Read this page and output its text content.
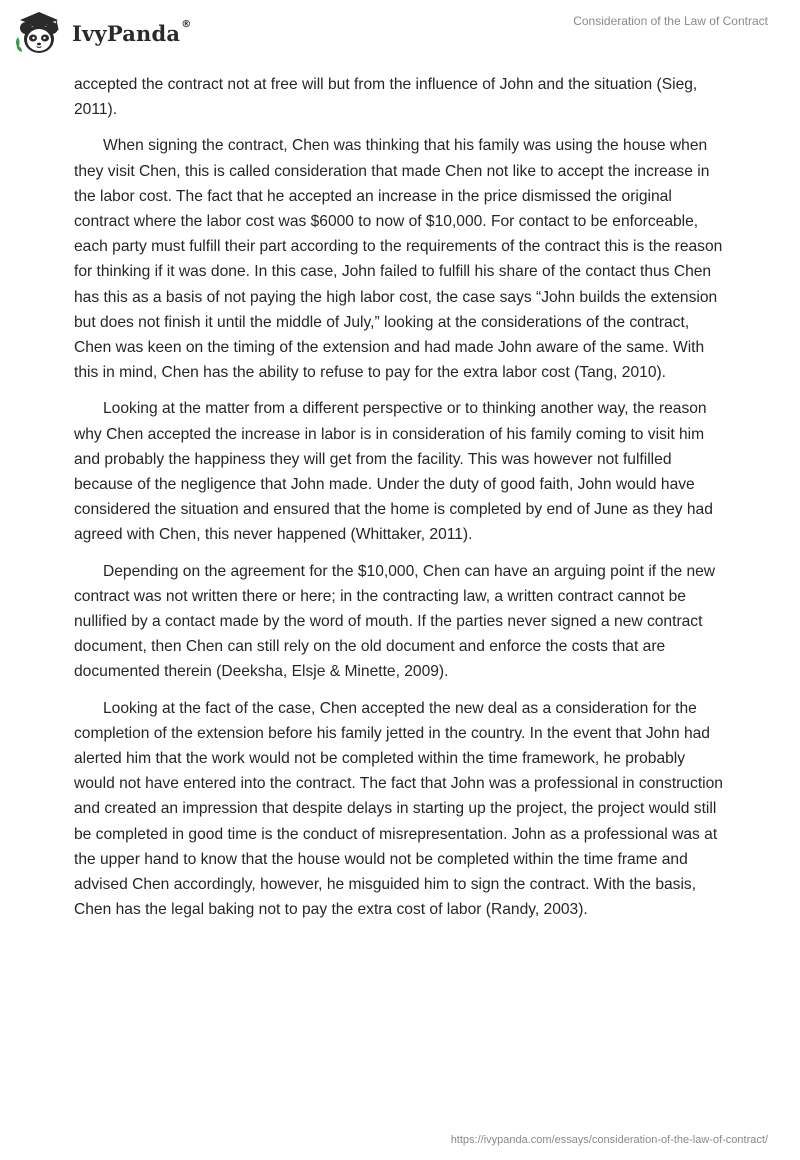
IvyPanda®	Consideration of the Law of Contract

accepted the contract not at free will but from the influence of John and the situation (Sieg, 2011).

When signing the contract, Chen was thinking that his family was using the house when they visit Chen, this is called consideration that made Chen not like to accept the increase in the labor cost. The fact that he accepted an increase in the price dismissed the original contract where the labor cost was $6000 to now of $10,000. For contact to be enforceable, each party must fulfill their part according to the requirements of the contract this is the reason for thinking if it was done. In this case, John failed to fulfill his share of the contact thus Chen has this as a basis of not paying the high labor cost, the case says “John builds the extension but does not finish it until the middle of July,” looking at the considerations of the contract, Chen was keen on the timing of the extension and had made John aware of the same. With this in mind, Chen has the ability to refuse to pay for the extra labor cost (Tang, 2010).

Looking at the matter from a different perspective or to thinking another way, the reason why Chen accepted the increase in labor is in consideration of his family coming to visit him and probably the happiness they will get from the facility. This was however not fulfilled because of the negligence that John made. Under the duty of good faith, John would have considered the situation and ensured that the home is completed by end of June as they had agreed with Chen, this never happened (Whittaker, 2011).

Depending on the agreement for the $10,000, Chen can have an arguing point if the new contract was not written there or here; in the contracting law, a written contract cannot be nullified by a contact made by the word of mouth. If the parties never signed a new contract document, then Chen can still rely on the old document and enforce the costs that are documented therein (Deeksha, Elsje & Minette, 2009).

Looking at the fact of the case, Chen accepted the new deal as a consideration for the completion of the extension before his family jetted in the country. In the event that John had alerted him that the work would not be completed within the time framework, he probably would not have entered into the contract. The fact that John was a professional in construction and created an impression that despite delays in starting up the project, the project would still be completed in good time is the conduct of misrepresentation. John as a professional was at the upper hand to know that the house would not be completed within the time frame and advised Chen accordingly, however, he misguided him to sign the contract. With the basis, Chen has the legal baking not to pay the extra cost of labor (Randy, 2003).

https://ivypanda.com/essays/consideration-of-the-law-of-contract/
